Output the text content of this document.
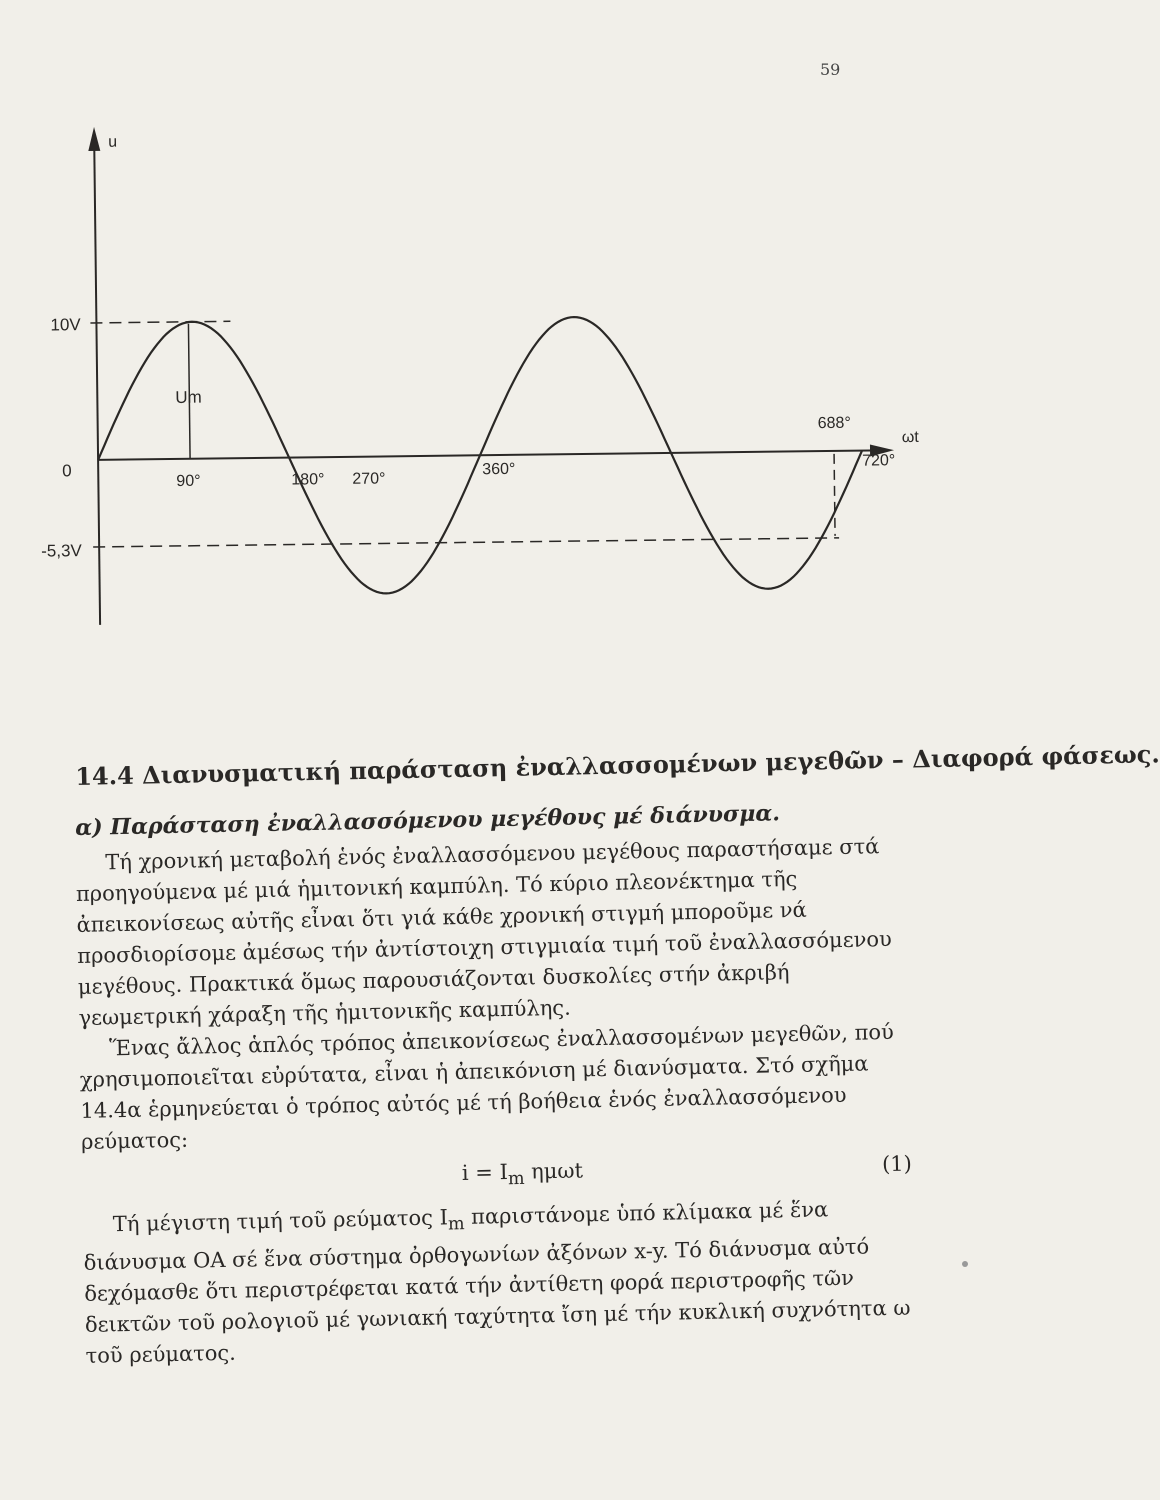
59
u
ωt
10V
0
-5,3V
Um
90°	180° 270°
360°
688°
720°
14.4 Διανυσματική παράσταση ἐναλλασσομένων μεγεθῶν – Διαφορά φάσεως.
α) Παράσταση ἐναλλασσόμενου μεγέθους μέ διάνυσμα.

Τή χρονική μεταβολή ἑνός ἐναλλασσόμενου μεγέθους παραστήσαμε στά προηγούμενα μέ μιά ἡμιτονική καμπύλη. Τό κύριο πλεονέκτημα τῆς ἀπεικονίσεως αὐτῆς εἶναι ὅτι γιά κάθε χρονική στιγμή μποροῦμε νά προσδιορίσομε ἀμέσως τήν ἀντίστοιχη στιγμιαία τιμή τοῦ ἐναλλασσόμενου μεγέθους. Πρακτικά ὅμως παρουσιάζονται δυσκολίες στήν ἀκριβή γεωμετρική χάραξη τῆς ἡμιτονικῆς καμπύλης.

Ἕνας ἄλλος ἁπλός τρόπος ἀπεικονίσεως ἐναλλασσομένων μεγεθῶν, πού χρησιμοποιεῖται εὐρύτατα, εἶναι ἡ ἀπεικόνιση μέ διανύσματα. Στό σχῆμα 14.4α ἑρμηνεύεται ὁ τρόπος αὐτός μέ τή βοήθεια ἑνός ἐναλλασσόμενου ρεύματος:

$i = I_m$ ημωt	(1)

Τή μέγιστη τιμή τοῦ ρεύματος $I_m$ παριστάνομε ὑπό κλίμακα μέ ἕνα διάνυσμα ΟΑ σέ ἕνα σύστημα ὀρθογωνίων ἀξόνων x-y. Τό διάνυσμα αὐτό δεχόμασθε ὅτι περιστρέφεται κατά τήν ἀντίθετη φορά περιστροφῆς τῶν δεικτῶν τοῦ ρολογιοῦ μέ γωνιακή ταχύτητα ἴση μέ τήν κυκλική συχνότητα ω τοῦ ρεύματος.
